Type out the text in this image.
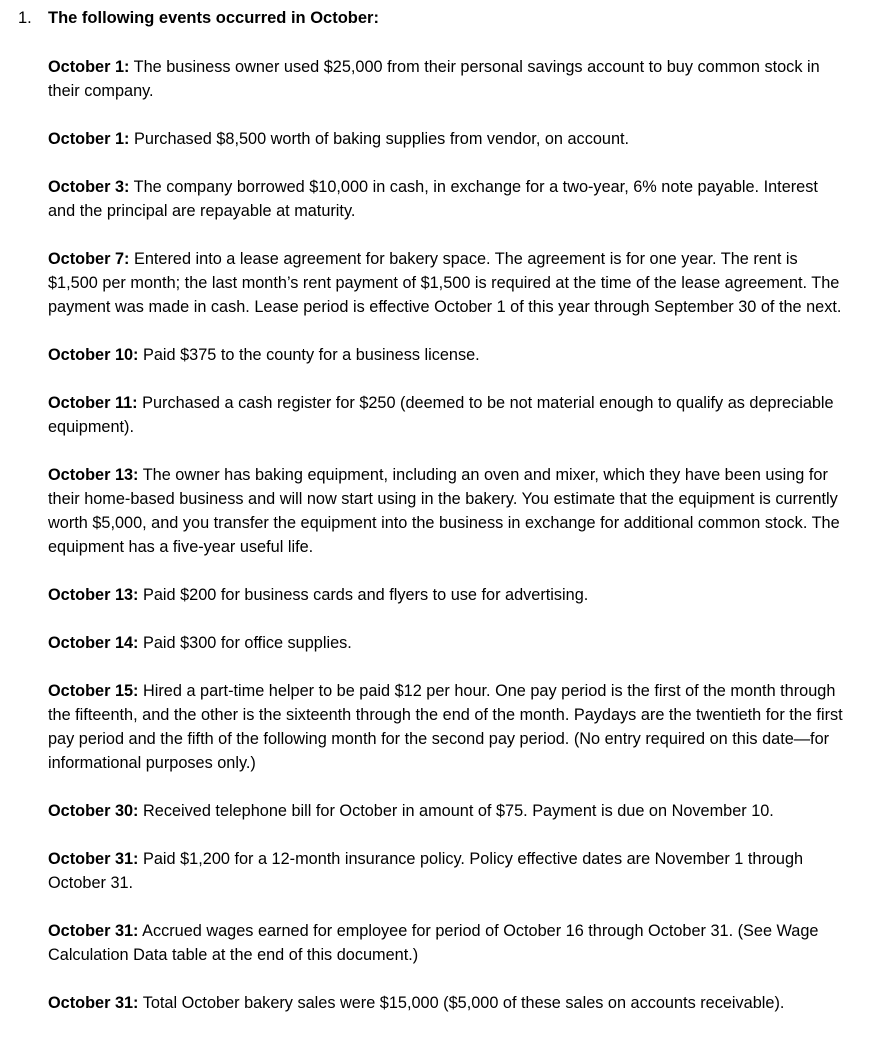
1. The following events occurred in October:

October 1: The business owner used $25,000 from their personal savings account to buy common stock in their company.

October 1: Purchased $8,500 worth of baking supplies from vendor, on account.

October 3: The company borrowed $10,000 in cash, in exchange for a two-year, 6% note payable. Interest and the principal are repayable at maturity.

October 7: Entered into a lease agreement for bakery space. The agreement is for one year. The rent is $1,500 per month; the last month’s rent payment of $1,500 is required at the time of the lease agreement. The payment was made in cash. Lease period is effective October 1 of this year through September 30 of the next.

October 10: Paid $375 to the county for a business license.

October 11: Purchased a cash register for $250 (deemed to be not material enough to qualify as depreciable equipment).

October 13: The owner has baking equipment, including an oven and mixer, which they have been using for their home-based business and will now start using in the bakery. You estimate that the equipment is currently worth $5,000, and you transfer the equipment into the business in exchange for additional common stock. The equipment has a five-year useful life.

October 13: Paid $200 for business cards and flyers to use for advertising.

October 14: Paid $300 for office supplies.

October 15: Hired a part-time helper to be paid $12 per hour. One pay period is the first of the month through the fifteenth, and the other is the sixteenth through the end of the month. Paydays are the twentieth for the first pay period and the fifth of the following month for the second pay period. (No entry required on this date—for informational purposes only.)

October 30: Received telephone bill for October in amount of $75. Payment is due on November 10.

October 31: Paid $1,200 for a 12-month insurance policy. Policy effective dates are November 1 through October 31.

October 31: Accrued wages earned for employee for period of October 16 through October 31. (See Wage Calculation Data table at the end of this document.)

October 31: Total October bakery sales were $15,000 ($5,000 of these sales on accounts receivable).
